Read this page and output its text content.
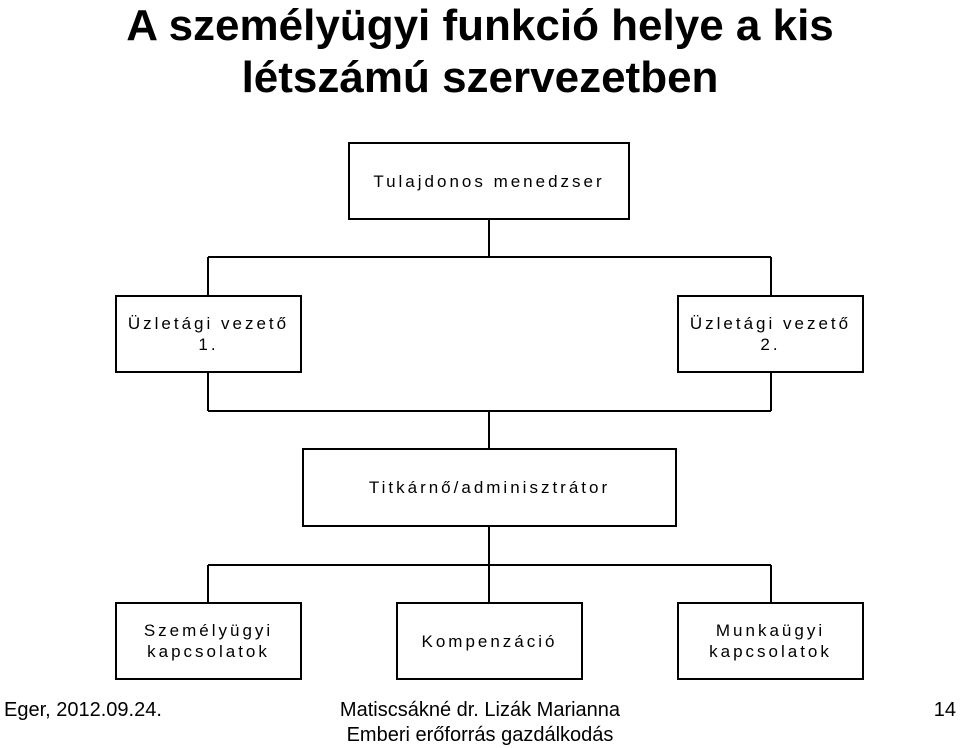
A személyügyi funkció helye a kis
létszámú szervezetben
Tulajdonos menedzser
Üzletági vezető
1.
Üzletági vezető
2.
Titkárnő/adminisztrátor
Személyügyi
kapcsolatok
Kompenzáció
Munkaügyi
kapcsolatok
Eger, 2012.09.24.	Matiscsákné dr. Lizák Marianna
Emberi erőforrás gazdálkodás
14
